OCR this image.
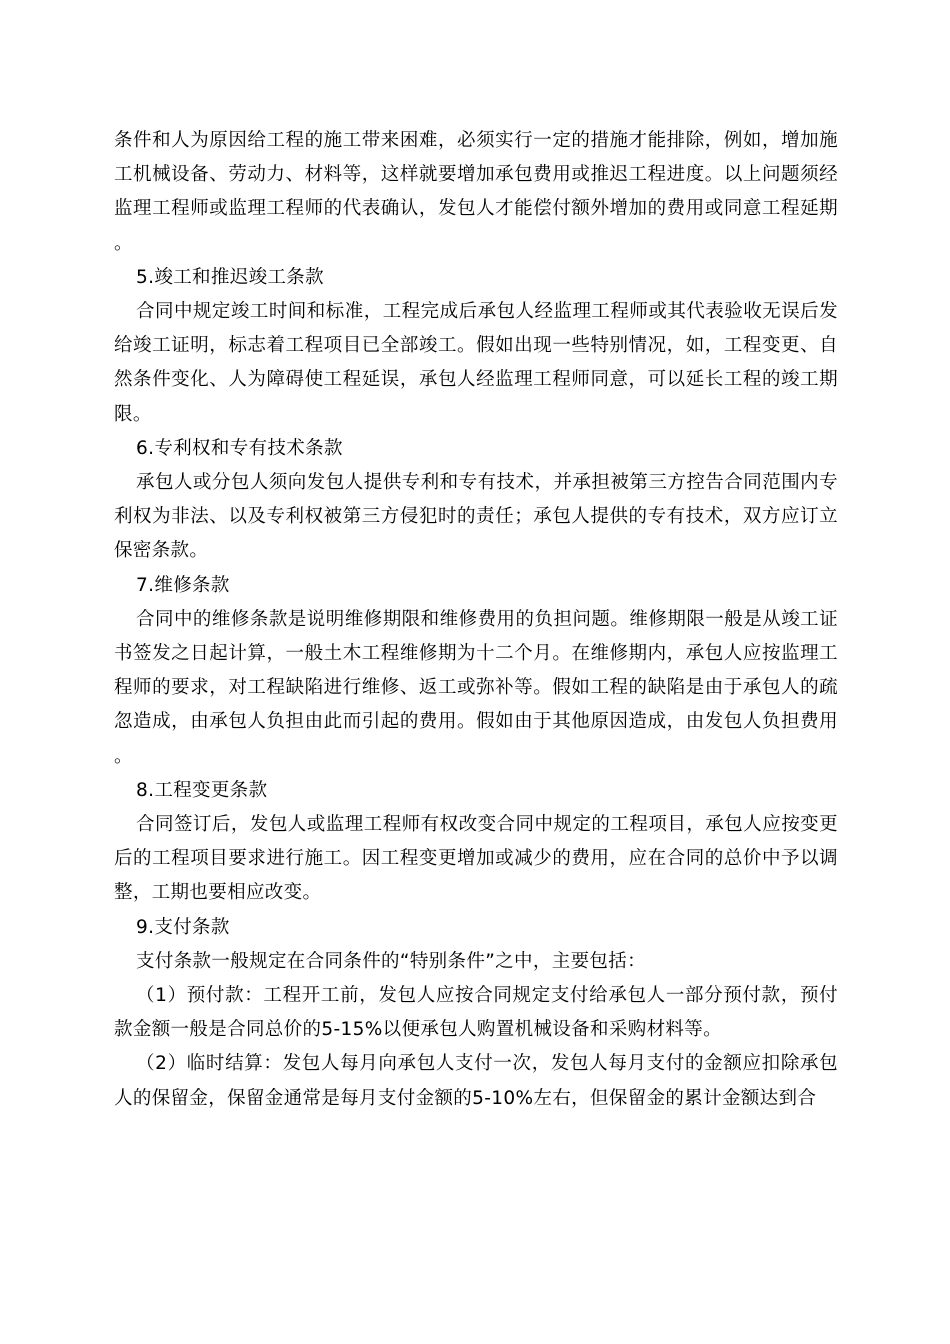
条件和人为原因给工程的施工带来困难，必须实行一定的措施才能排除，例如，增加施工机械设备、劳动力、材料等，这样就要增加承包费用或推迟工程进度。以上问题须经监理工程师或监理工程师的代表确认，发包人才能偿付额外增加的费用或同意工程延期。

5.竣工和推迟竣工条款

合同中规定竣工时间和标准，工程完成后承包人经监理工程师或其代表验收无误后发给竣工证明，标志着工程项目已全部竣工。假如出现一些特别情况，如，工程变更、自然条件变化、人为障碍使工程延误，承包人经监理工程师同意，可以延长工程的竣工期限。

6.专利权和专有技术条款

承包人或分包人须向发包人提供专利和专有技术，并承担被第三方控告合同范围内专利权为非法、以及专利权被第三方侵犯时的责任；承包人提供的专有技术，双方应订立保密条款。

7.维修条款

合同中的维修条款是说明维修期限和维修费用的负担问题。维修期限一般是从竣工证书签发之日起计算，一般土木工程维修期为十二个月。在维修期内，承包人应按监理工程师的要求，对工程缺陷进行维修、返工或弥补等。假如工程的缺陷是由于承包人的疏忽造成，由承包人负担由此而引起的费用。假如由于其他原因造成，由发包人负担费用。

8.工程变更条款

合同签订后，发包人或监理工程师有权改变合同中规定的工程项目，承包人应按变更后的工程项目要求进行施工。因工程变更增加或减少的费用，应在合同的总价中予以调整，工期也要相应改变。

9.支付条款

支付条款一般规定在合同条件的“特别条件”之中，主要包括：

（1）预付款：工程开工前，发包人应按合同规定支付给承包人一部分预付款，预付款金额一般是合同总价的5-15%以便承包人购置机械设备和采购材料等。

（2）临时结算：发包人每月向承包人支付一次，发包人每月支付的金额应扣除承包人的保留金，保留金通常是每月支付金额的5-10%左右，但保留金的累计金额达到合
